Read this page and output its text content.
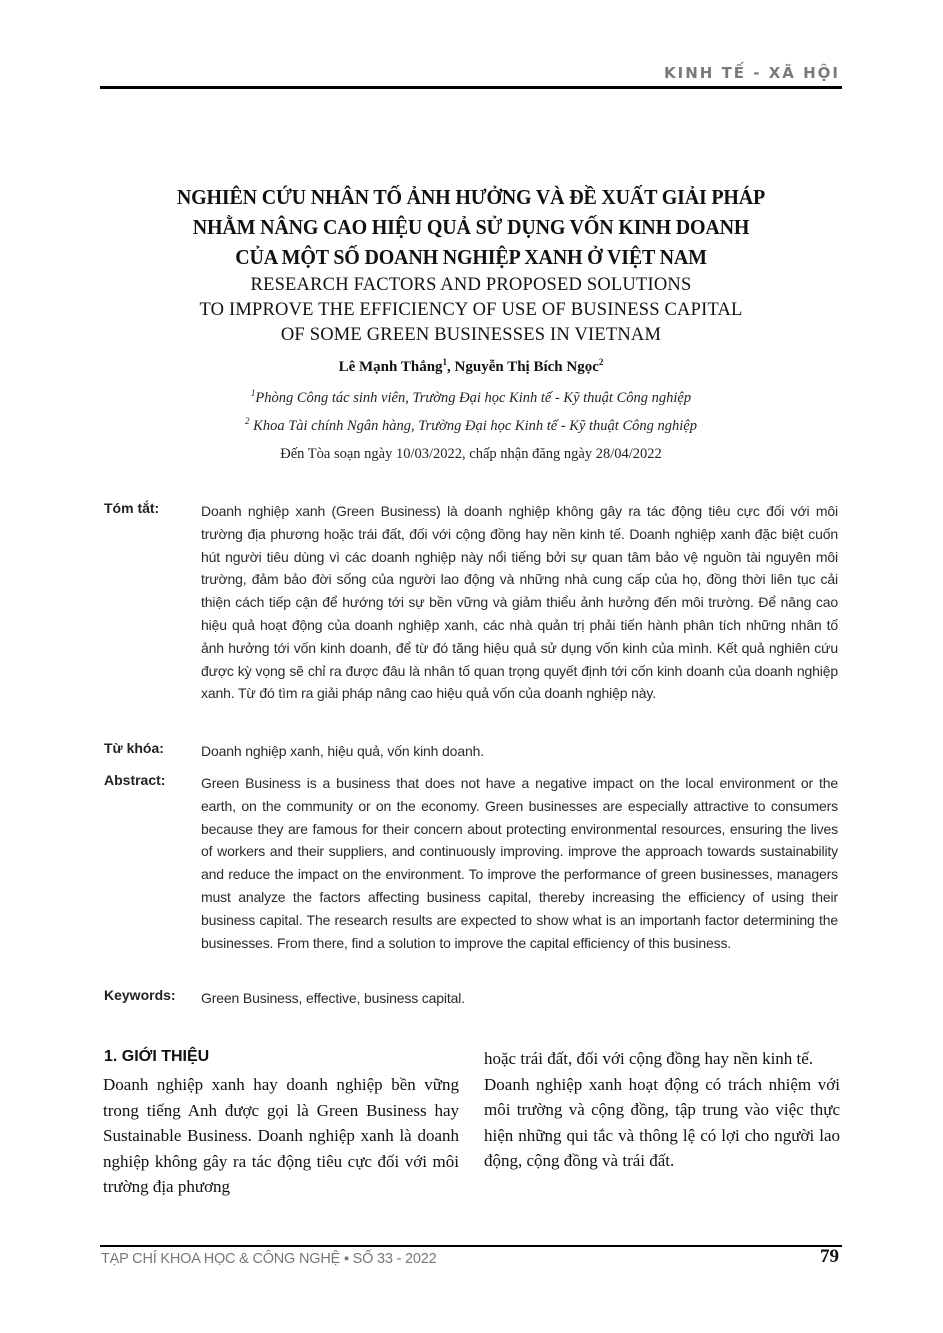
KINH TẾ - XÃ HỘI
NGHIÊN CỨU NHÂN TỐ ẢNH HƯỞNG VÀ ĐỀ XUẤT GIẢI PHÁP
NHẰM NÂNG CAO HIỆU QUẢ SỬ DỤNG VỐN KINH DOANH
CỦA MỘT SỐ DOANH NGHIỆP XANH Ở VIỆT NAM
RESEARCH FACTORS AND PROPOSED SOLUTIONS
TO IMPROVE THE EFFICIENCY OF USE OF BUSINESS CAPITAL
OF SOME GREEN BUSINESSES IN VIETNAM
Lê Mạnh Thắng$^1$, Nguyễn Thị Bích Ngọc$^2$
$^1$Phòng Công tác sinh viên, Trường Đại học Kinh tế - Kỹ thuật Công nghiệp
$^2$ Khoa Tài chính Ngân hàng, Trường Đại học Kinh tế - Kỹ thuật Công nghiệp
Đến Tòa soạn ngày 10/03/2022, chấp nhận đăng ngày 28/04/2022
Tóm tắt:	Doanh nghiệp xanh (Green Business) là doanh nghiệp không gây ra tác động tiêu cực đối với môi trường địa phương hoặc trái đất, đối với cộng đồng hay nền kinh tế. Doanh nghiệp xanh đặc biệt cuốn hút người tiêu dùng vì các doanh nghiệp này nổi tiếng bởi sự quan tâm bảo vệ nguồn tài nguyên môi trường, đảm bảo đời sống của người lao động và những nhà cung cấp của họ, đồng thời liên tục cải thiện cách tiếp cận để hướng tới sự bền vững và giảm thiểu ảnh hưởng đến môi trường. Để nâng cao hiệu quả hoạt động của doanh nghiệp xanh, các nhà quản trị phải tiến hành phân tích những nhân tố ảnh hưởng tới vốn kinh doanh, để từ đó tăng hiệu quả sử dụng vốn kinh của mình. Kết quả nghiên cứu được kỳ vọng sẽ chỉ ra được đâu là nhân tố quan trọng quyết định tới cốn kinh doanh của doanh nghiệp xanh. Từ đó tìm ra giải pháp nâng cao hiệu quả vốn của doanh nghiệp này.
Từ khóa:	Doanh nghiệp xanh, hiệu quả, vốn kinh doanh.
Abstract:	Green Business is a business that does not have a negative impact on the local environment or the earth, on the community or on the economy. Green businesses are especially attractive to consumers because they are famous for their concern about protecting environmental resources, ensuring the lives of workers and their suppliers, and continuously improving. improve the approach towards sustainability and reduce the impact on the environment. To improve the performance of green businesses, managers must analyze the factors affecting business capital, thereby increasing the efficiency of using their business capital. The research results are expected to show what is an importanh factor determining the businesses. From there, find a solution to improve the capital efficiency of this business.
Keywords: Green Business, effective, business capital.
1. GIỚI THIỆU

Doanh nghiệp xanh hay doanh nghiệp bền vững trong tiếng Anh được gọi là Green Business hay Sustainable Business. Doanh nghiệp xanh là doanh nghiệp không gây ra tác động tiêu cực đối với môi trường địa phương

hoặc trái đất, đối với cộng đồng hay nền kinh tế.

Doanh nghiệp xanh hoạt động có trách nhiệm với môi trường và cộng đồng, tập trung vào việc thực hiện những qui tắc và thông lệ có lợi cho người lao động, cộng đồng và trái đất.

TẠP CHÍ KHOA HỌC & CÔNG NGHỆ ▪ SỐ 33 - 2022	79
